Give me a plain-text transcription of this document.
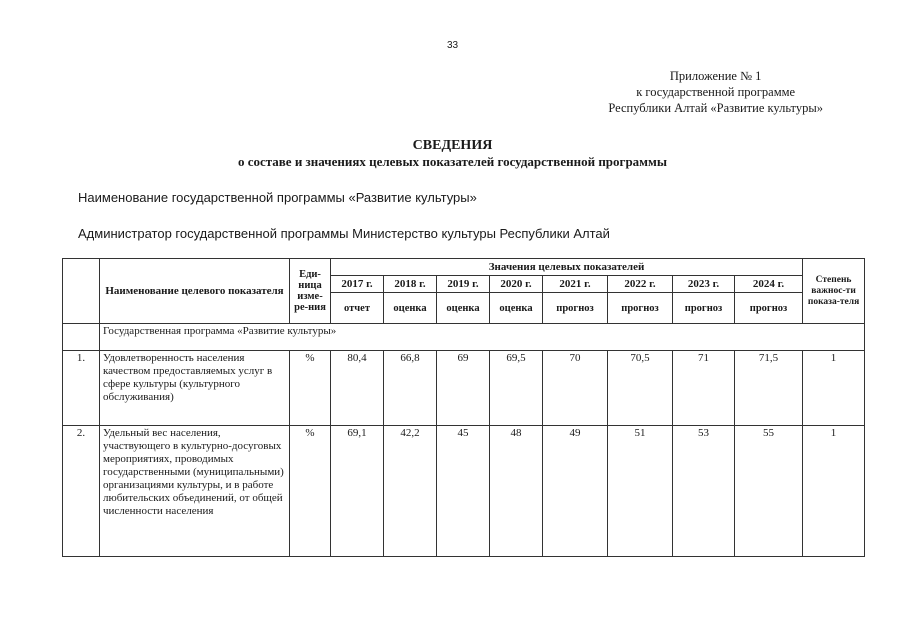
33
Приложение № 1
к государственной программе
Республики Алтай «Развитие культуры»
СВЕДЕНИЯ
о составе и значениях целевых показателей государственной программы
Наименование государственной программы «Развитие культуры»
Администратор государственной программы Министерство культуры Республики Алтай
	Наименование целевого показателя	Еди-ница изме-ре-ния	Значения целевых показателей								Степень важнос-ти показа-теля
			2017 г.	2018 г.	2019 г.	2020 г.	2021 г.	2022 г.	2023 г.	2024 г.	
			отчет	оценка	оценка	оценка	прогноз	прогноз	прогноз	прогноз	
	Государственная программа «Развитие культуры»										
1.	Удовлетворенность населения качеством предоставляемых услуг в сфере культуры (культурного обслуживания)	%	80,4	66,8	69	69,5	70	70,5	71	71,5	1
2.	Удельный вес населения, участвующего в культурно-досуговых мероприятиях, проводимых государственными (муниципальными) организациями культуры, и в работе любительских объединений, от общей численности населения	%	69,1	42,2	45	48	49	51	53	55	1
